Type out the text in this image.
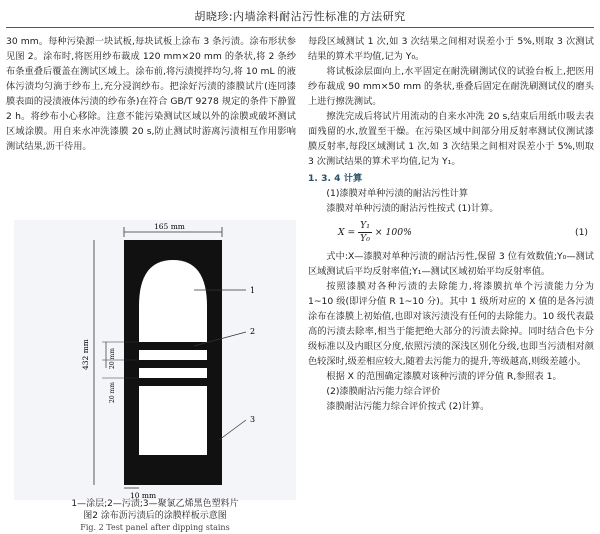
胡晓珍:内墙涂料耐沾污性标准的方法研究

30 mm。每种污染源一块试板,每块试板上涂布 3 条污渍。涂布形状参见图 2。涂布时,将医用纱布裁成 120 mm×20 mm 的条状,将 2 条纱布条重叠后覆盖在测试区域上。涂布前,将污渍搅拌均匀,将 10 mL 的液体污渍均匀滴于纱布上,充分浸润纱布。把涂好污渍的漆膜试片(连同漆膜表面的浸渍液体污渍的纱布条)在符合 GB/T 9278 规定的条件下静置 2 h。将纱布小心移除。注意不能污染测试区域以外的涂膜或破坏测试区域涂膜。用自来水冲洗漆膜 20 s,防止测试时游离污渍相互作用影响测试结果,沥干待用。

165 mm
432 mm	20 mm
20 mm
10 mm
1
2
3
1—涂层;2—污渍;3—聚氯乙烯黑色塑料片
图2 涂布沥污渍后的涂膜样板示意图
Fig. 2 Test panel after dipping stains

每段区域测试 1 次,如 3 次结果之间相对误差小于 5%,则取 3 次测试结果的算术平均值,记为 Y₀。

将试板涂层面向上,水平固定在耐洗刷测试仪的试验台板上,把医用纱布裁成 90 mm×50 mm 的条状,垂叠后固定在耐洗刷测试仪的磨头上进行擦洗测试。

擦洗完成后将试片用流动的自来水冲洗 20 s,结束后用纸巾吸去表面残留的水,放置至干燥。在污染区域中间部分用反射率测试仪测试漆膜反射率,每段区域测试 1 次,如 3 次结果之间相对误差小于 5%,则取 3 次测试结果的算术平均值,记为 Y₁。

1. 3. 4 计算

(1)漆膜对单种污渍的耐沾污性计算

漆膜对单种污渍的耐沾污性按式 (1)计算。

$X = \frac{\text{Y₁}}{\text{Y₀}} \times 100\%$	(1)

式中:X—漆膜对单种污渍的耐沾污性,保留 3 位有效数值;Y₀—测试区域测试后平均反射率值;Y₁—测试区域初始平均反射率值。

按照漆膜对各种污渍的去除能力,将漆膜抗单个污渍能力分为 1~10 级(即评分值 R 1~10 分)。其中 1 级所对应的 X 值的是各污渍涂布在漆膜上初始值,也即对该污渍没有任何的去除能力。10 级代表最高的污渍去除率,相当于能把绝大部分的污渍去除掉。同时结合色卡分级标准以及内眼区分度,依照污渍的深浅区别化分级,也即当污渍相对颜色较深时,级差相应较大,随着去污能力的提升,等级越高,则级差越小。

根据 X 的范围确定漆膜对该种污渍的评分值 R,参照表 1。

(2)漆膜耐沾污能力综合评价

漆膜耐沾污能力综合评价按式 (2)计算。
